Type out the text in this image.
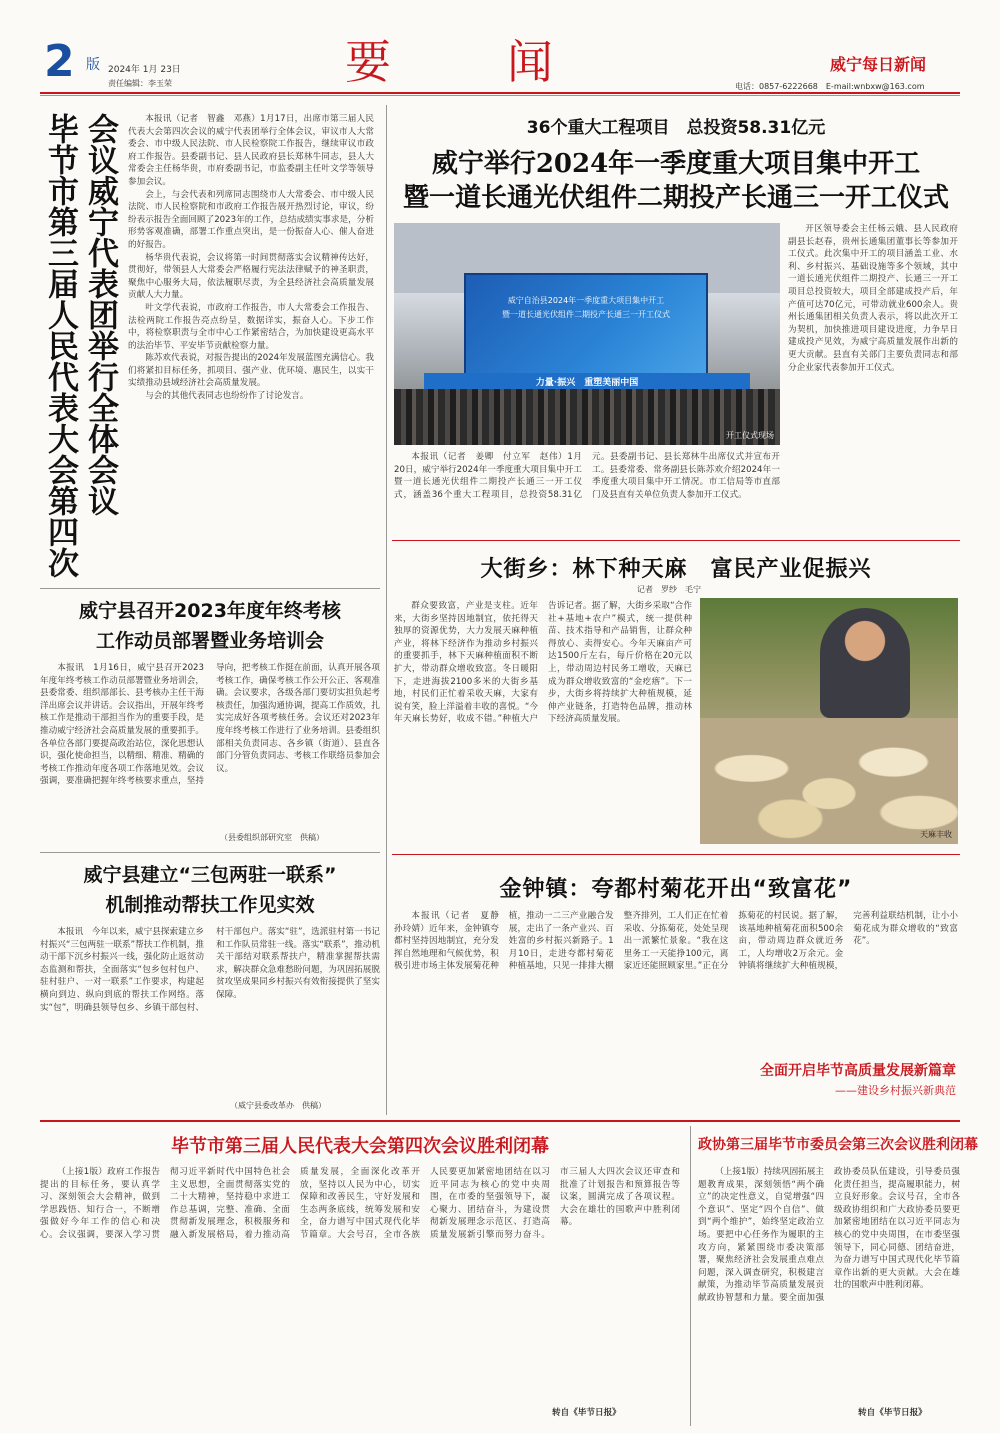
2 版 2024年 1月 23日
责任编辑：李玉荣	要　　闻	威宁每日新闻
电话：0857-6222668　E-mail:wnbxw@163.com
会议威宁代表团举行全体会议
毕节市第三届人民代表大会第四次	本报讯（记者　智鑫　邓燕）1月17日，出席市第三届人民代表大会第四次会议的威宁代表团举行全体会议，审议市人大常委会、市中级人民法院、市人民检察院工作报告，继续审议市政府工作报告。县委副书记、县人民政府县长郑林牛同志，县人大常委会主任杨华贵，市府委副书记，市监委副主任叶文学等领导参加会议。

会上，与会代表和列席同志围绕市人大常委会、市中级人民法院、市人民检察院和市政府工作报告展开热烈讨论，审议，纷纷表示报告全面回顾了2023年的工作，总结成绩实事求是，分析形势客观准确，部署工作重点突出，是一份振奋人心、催人奋进的好报告。

杨华贵代表说，会议将第一时间贯彻落实会议精神传达好，贯彻好，带领县人大常委会严格履行宪法法律赋予的神圣职责，聚焦中心服务大局，依法履职尽责，为全县经济社会高质量发展贡献人大力量。

叶文学代表说，市政府工作报告，市人大常委会工作报告、法检两院工作报告亮点纷呈，数据详实，振奋人心。下步工作中，将检察职责与全市中心工作紧密结合，为加快建设更高水平的法治毕节、平安毕节贡献检察力量。

陈苏欢代表说，对报告提出的2024年发展蓝图充满信心。我们将紧扣目标任务，抓项目、强产业、优环境、惠民生，以实干实绩推动县域经济社会高质量发展。

与会的其他代表同志也纷纷作了讨论发言。

36个重大工程项目　总投资58.31亿元
威宁举行2024年一季度重大项目集中开工
暨一道长通光伏组件二期投产长通三一开工仪式
威宁自治县2024年一季度重大项目集中开工
暨一道长通光伏组件二期投产长通三一开工仪式
力量·振兴　重塑美丽中国
开工仪式现场
开区领导委会主任杨云娥、县人民政府副县长赵春，贵州长通集团董事长等参加开工仪式。此次集中开工的项目涵盖工业、水利、乡村振兴、基础设施等多个领域，其中一道长通光伏组件二期投产、长通三一开工项目总投资较大，项目全部建成投产后，年产值可达70亿元，可带动就业600余人。贵州长通集团相关负责人表示，将以此次开工为契机，加快推进项目建设进度，力争早日建成投产见效，为威宁高质量发展作出新的更大贡献。县直有关部门主要负责同志和部分企业家代表参加开工仪式。
本报讯（记者　姜卿　付立军　赵伟）1月20日，威宁举行2024年一季度重大项目集中开工暨一道长通光伏组件二期投产长通三一开工仪式，涵盖36个重大工程项目，总投资58.31亿元。县委副书记、县长郑林牛出席仪式并宣布开工。县委常委、常务副县长陈苏欢介绍2024年一季度重大项目集中开工情况。市工信局等市直部门及县直有关单位负责人参加开工仪式。
威宁县召开2023年度年终考核
工作动员部署暨业务培训会
本报讯　1月16日，威宁县召开2023年度年终考核工作动员部署暨业务培训会，县委常委、组织部部长、县考核办主任干海洋出席会议并讲话。会议指出，开展年终考核工作是推动干部担当作为的重要手段，是推动威宁经济社会高质量发展的重要抓手。各单位各部门要提高政治站位，深化思想认识，强化使命担当，以精细、精准、精确的考核工作推动年度各项工作落地见效。会议强调，要准确把握年终考核要求重点，坚持导向，把考核工作挺在前面，认真开展各项考核工作，确保考核工作公开公正、客观准确。会议要求，各级各部门要切实担负起考核责任，加强沟通协调，提高工作质效，扎实完成好各项考核任务。会议还对2023年度年终考核工作进行了业务培训。县委组织部相关负责同志、各乡镇（街道）、县直各部门分管负责同志、考核工作联络员参加会议。
（县委组织部研究室　供稿）
威宁县建立“三包两驻一联系”
机制推动帮扶工作见实效
本报讯　今年以来，威宁县探索建立乡村振兴“三包两驻一联系”帮扶工作机制，推动干部下沉乡村振兴一线，强化防止返贫动态监测和帮扶，全面落实“包乡包村包户、驻村驻户、一对一联系”工作要求，构建起横向到边、纵向到底的帮扶工作网络。落实“包”，明确县领导包乡、乡镇干部包村、村干部包户。落实“驻”，选派驻村第一书记和工作队员常驻一线。落实“联系”，推动机关干部结对联系帮扶户，精准掌握帮扶需求，解决群众急难愁盼问题，为巩固拓展脱贫攻坚成果同乡村振兴有效衔接提供了坚实保障。
（威宁县委改革办　供稿）
大街乡：林下种天麻　富民产业促振兴
记者　罗纱　毛宁
群众要致富，产业是支柱。近年来，大街乡坚持因地制宜，依托得天独厚的资源优势，大力发展天麻种植产业，将林下经济作为推动乡村振兴的重要抓手，林下天麻种植面积不断扩大，带动群众增收致富。冬日暖阳下，走进海拔2100多米的大街乡基地，村民们正忙着采收天麻，大家有说有笑，脸上洋溢着丰收的喜悦。“今年天麻长势好，收成不错。”种植大户告诉记者。据了解，大街乡采取“合作社+基地+农户”模式，统一提供种苗、技术指导和产品销售，让群众种得放心、卖得安心。今年天麻亩产可达1500斤左右，每斤价格在20元以上，带动周边村民务工增收，天麻已成为群众增收致富的“金疙瘩”。下一步，大街乡将持续扩大种植规模，延伸产业链条，打造特色品牌，推动林下经济高质量发展。
天麻丰收
金钟镇：夸都村菊花开出“致富花”
本报讯（记者　夏静　孙玲婧）近年来，金钟镇夸都村坚持因地制宜，充分发挥自然地理和气候优势，积极引进市场主体发展菊花种植，推动一二三产业融合发展，走出了一条产业兴、百姓富的乡村振兴新路子。1月10日，走进夸都村菊花种植基地，只见一排排大棚整齐排列，工人们正在忙着采收、分拣菊花，处处呈现出一派繁忙景象。“我在这里务工一天能挣100元，离家近还能照顾家里。”正在分拣菊花的村民说。据了解，该基地种植菊花面积500余亩，带动周边群众就近务工，人均增收2万余元。金钟镇将继续扩大种植规模，完善利益联结机制，让小小菊花成为群众增收的“致富花”。
全面开启毕节高质量发展新篇章
——建设乡村振兴新典范
毕节市第三届人民代表大会第四次会议胜利闭幕
（上接1版）政府工作报告提出的目标任务，要认真学习、深刻领会大会精神，做到学思践悟、知行合一，不断增强做好今年工作的信心和决心。会议强调，要深入学习贯彻习近平新时代中国特色社会主义思想，全面贯彻落实党的二十大精神，坚持稳中求进工作总基调，完整、准确、全面贯彻新发展理念，积极服务和融入新发展格局，着力推动高质量发展，全面深化改革开放，坚持以人民为中心，切实保障和改善民生，守好发展和生态两条底线，统筹发展和安全，奋力谱写中国式现代化毕节篇章。大会号召，全市各族人民要更加紧密地团结在以习近平同志为核心的党中央周围，在市委的坚强领导下，凝心聚力、团结奋斗，为建设贯彻新发展理念示范区、打造高质量发展新引擎而努力奋斗。市三届人大四次会议还审查和批准了计划报告和预算报告等议案，圆满完成了各项议程。大会在雄壮的国歌声中胜利闭幕。
转自《毕节日报》
政协第三届毕节市委员会第三次会议胜利闭幕
（上接1版）持续巩固拓展主题教育成果，深刻领悟“两个确立”的决定性意义，自觉增强“四个意识”、坚定“四个自信”、做到“两个维护”，始终坚定政治立场。要把中心任务作为履职的主攻方向，紧紧围绕市委决策部署，聚焦经济社会发展重点难点问题，深入调查研究，积极建言献策，为推动毕节高质量发展贡献政协智慧和力量。要全面加强政协委员队伍建设，引导委员强化责任担当，提高履职能力，树立良好形象。会议号召，全市各级政协组织和广大政协委员要更加紧密地团结在以习近平同志为核心的党中央周围，在市委坚强领导下，同心同德、团结奋进，为奋力谱写中国式现代化毕节篇章作出新的更大贡献。大会在雄壮的国歌声中胜利闭幕。
转自《毕节日报》
